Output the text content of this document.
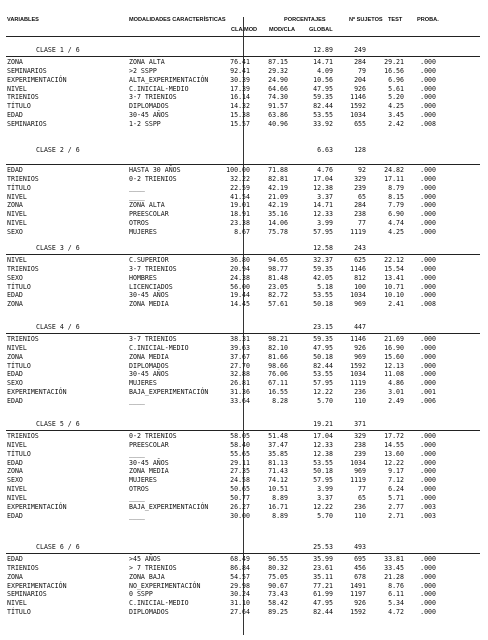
VARIABLES	MODALIDADES CARACTERÍSTICAS	PORCENTAJES
CLA/MOD MOD/CLA GLOBAL
Nº SUJETOS TEST	PROBA.
CLASE 1 / 6	12.89	249
ZONA	ZONA ALTA	76.41	87.15	14.71	284	29.21 .000
SEMINARIOS	>2 SSPP	92.41	29.32	4.09	79	16.56 .000
EXPERIMENTACIÓN	ALTA_EXPERIMENTACIÓN	30.39	24.90	10.56	204	6.96 .000
NIVEL	C.INICIAL-MEDIO	17.39	64.66	47.95	926	5.61 .000
TRIENIOS	3-7 TRIENIOS	16.14	74.30	59.35	1146	5.20 .000
TÍTULO	DIPLOMADOS	14.32	91.57	82.44	1592	4.25 .000
EDAD	30-45 AÑOS	15.38	63.86	53.55	1034	3.45 .000
SEMINARIOS	1-2 SSPP	15.57	40.96	33.92	655	2.42 .008
CLASE 2 / 6	6.63	128
EDAD	HASTA 30 AÑOS	100.00	71.88	4.76	92	24.82 .000
TRIENIOS	0-2 TRIENIOS	32.22	82.81	17.04	329	17.11 .000
TÍTULO	____	22.59	42.19	12.38	239	8.79 .000
NIVEL	____	41.54	21.09	3.37	65	8.15 .000
ZONA	ZONA ALTA	19.01	42.19	14.71	284	7.79 .000
NIVEL	PREESCOLAR	18.91	35.16	12.33	238	6.90 .000
NIVEL	OTROS	23.38	14.06	3.99	77	4.74 .000
SEXO	MUJERES	8.67	75.78	57.95	1119	4.25 .000
CLASE 3 / 6	12.58	243
NIVEL	C.SUPERIOR	36.80	94.65	32.37	625	22.12 .000
TRIENIOS	3-7 TRIENIOS	20.94	98.77	59.35	1146	15.54 .000
SEXO	HOMBRES	24.38	81.48	42.05	812	13.41 .000
TÍTULO	LICENCIADOS	56.00	23.05	5.18	100	10.71 .000
EDAD	30-45 AÑOS	19.44	82.72	53.55	1034	10.10 .000
ZONA	ZONA MEDIA	14.45	57.61	50.18	969	2.41 .008
CLASE 4 / 6	23.15	447
TRIENIOS	3-7 TRIENIOS	38.31	98.21	59.35	1146	21.69 .000
NIVEL	C.INICIAL-MEDIO	39.63	82.10	47.95	926	16.90 .000
ZONA	ZONA MEDIA	37.67	81.66	50.18	969	15.60 .000
TÍTULO	DIPLOMADOS	27.70	98.66	82.44	1592	12.13 .000
EDAD	30-45 AÑOS	32.88	76.06	53.55	1034	11.08 .000
SEXO	MUJERES	26.81	67.11	57.95	1119	4.86 .000
EXPERIMENTACIÓN	BAJA_EXPERIMENTACIÓN	31.36	16.55	12.22	236	3.01 .001
EDAD	____	33.64	8.28	5.70	110	2.49 .006
CLASE 5 / 6	19.21	371
TRIENIOS	0-2 TRIENIOS	58.05	51.48	17.04	329	17.72 .000
NIVEL	PREESCOLAR	58.40	37.47	12.33	238	14.55 .000
TÍTULO	____	55.65	35.85	12.38	239	13.60 .000
EDAD	30-45 AÑOS	29.11	81.13	53.55	1034	12.22 .000
ZONA	ZONA MEDIA	27.35	71.43	50.18	969	9.17 .000
SEXO	MUJERES	24.58	74.12	57.95	1119	7.12 .000
NIVEL	OTROS	50.65	10.51	3.99	77	6.24 .000
NIVEL	____	50.77	8.89	3.37	65	5.71 .000
EXPERIMENTACIÓN	BAJA_EXPERIMENTACIÓN	26.27	16.71	12.22	236	2.77 .003
EDAD	____	30.00	8.89	5.70	110	2.71 .003
CLASE 6 / 6	25.53	493
EDAD	>45 AÑOS	68.49	96.55	35.99	695	33.81 .000
TRIENIOS	> 7 TRIENIOS	86.84	80.32	23.61	456	33.45 .000
ZONA	ZONA BAJA	54.57	75.05	35.11	678	21.28 .000
EXPERIMENTACIÓN	NO_EXPERIMENTACIÓN	29.98	90.67	77.21	1491	8.76 .000
SEMINARIOS	0 SSPP	30.24	73.43	61.99	1197	6.11 .000
NIVEL	C.INICIAL-MEDIO	31.10	58.42	47.95	926	5.34 .000
TÍTULO	DIPLOMADOS	27.64	89.25	82.44	1592	4.72 .000
